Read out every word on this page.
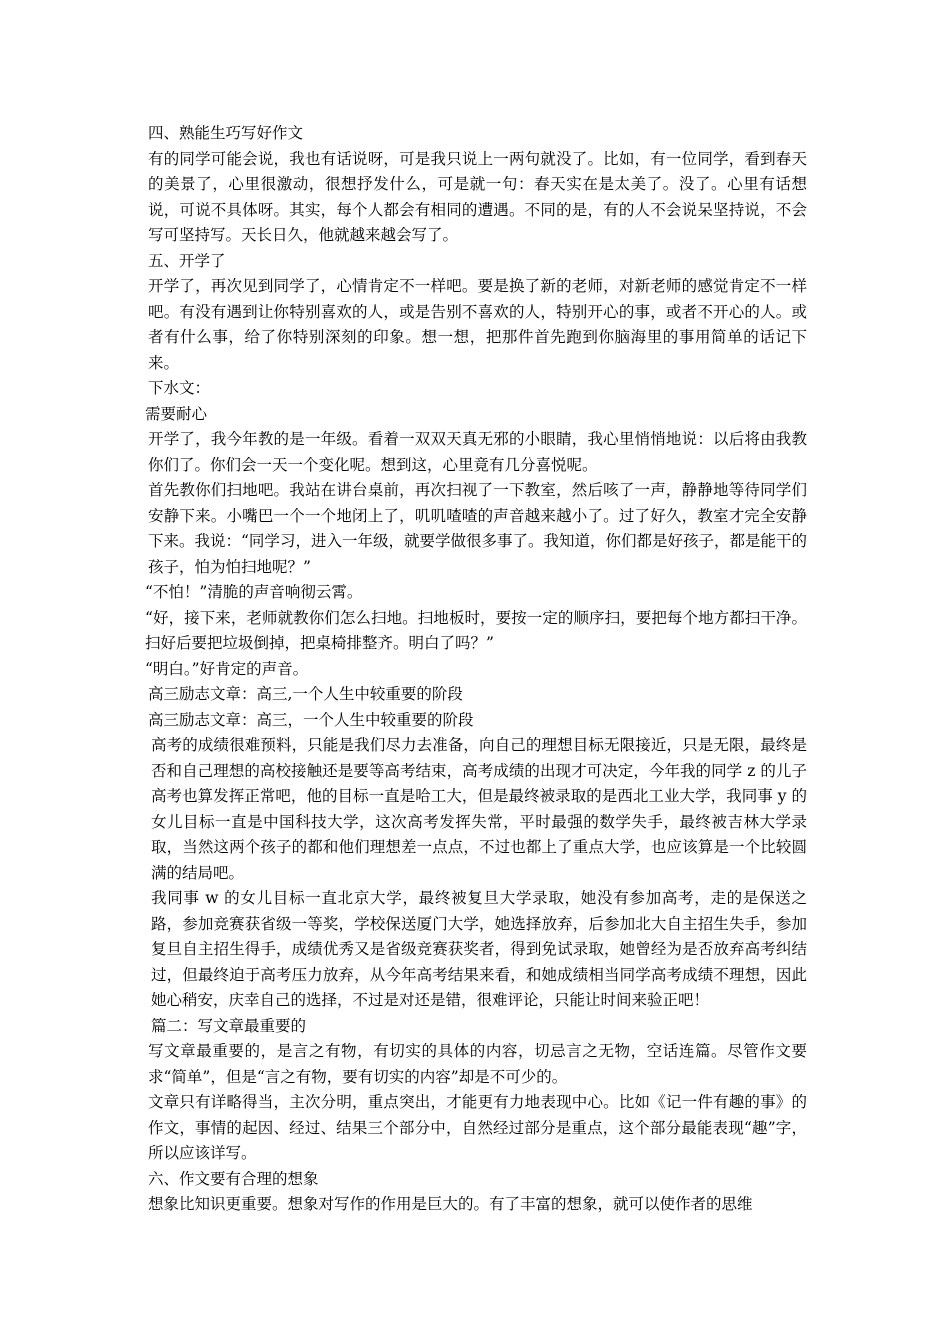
四、熟能生巧写好作文

有的同学可能会说，我也有话说呀，可是我只说上一两句就没了。比如，有一位同学，看到春天的美景了，心里很激动，很想抒发什么，可是就一句：春天实在是太美了。没了。心里有话想说，可说不具体呀。其实，每个人都会有相同的遭遇。不同的是，有的人不会说呆坚持说，不会写可坚持写。天长日久，他就越来越会写了。

五、开学了

开学了，再次见到同学了，心情肯定不一样吧。要是换了新的老师，对新老师的感觉肯定不一样吧。有没有遇到让你特别喜欢的人，或是告别不喜欢的人，特别开心的事，或者不开心的人。或者有什么事，给了你特别深刻的印象。想一想，把那件首先跑到你脑海里的事用简单的话记下来。

下水文：

需要耐心

开学了，我今年教的是一年级。看着一双双天真无邪的小眼睛，我心里悄悄地说：以后将由我教你们了。你们会一天一个变化呢。想到这，心里竟有几分喜悦呢。

首先教你们扫地吧。我站在讲台桌前，再次扫视了一下教室，然后咳了一声，静静地等待同学们安静下来。小嘴巴一个一个地闭上了，叽叽喳喳的声音越来越小了。过了好久，教室才完全安静下来。我说：“同学习，进入一年级，就要学做很多事了。我知道，你们都是好孩子，都是能干的孩子，怕为怕扫地呢？”

“不怕！”清脆的声音响彻云霄。

“好，接下来，老师就教你们怎么扫地。扫地板时，要按一定的顺序扫，要把每个地方都扫干净。扫好后要把垃圾倒掉，把桌椅排整齐。明白了吗？”

“明白。”好肯定的声音。

高三励志文章：高三,一个人生中较重要的阶段

高三励志文章：高三，一个人生中较重要的阶段

高考的成绩很难预料，只能是我们尽力去准备，向自己的理想目标无限接近，只是无限，最终是否和自己理想的高校接触还是要等高考结束，高考成绩的出现才可决定，今年我的同学 z 的儿子高考也算发挥正常吧，他的目标一直是哈工大，但是最终被录取的是西北工业大学，我同事 y 的女儿目标一直是中国科技大学，这次高考发挥失常，平时最强的数学失手，最终被吉林大学录取，当然这两个孩子的都和他们理想差一点点，不过也都上了重点大学，也应该算是一个比较圆满的结局吧。

我同事 w 的女儿目标一直北京大学，最终被复旦大学录取，她没有参加高考，走的是保送之路，参加竞赛获省级一等奖，学校保送厦门大学，她选择放弃，后参加北大自主招生失手，参加复旦自主招生得手，成绩优秀又是省级竞赛获奖者，得到免试录取，她曾经为是否放弃高考纠结过，但最终迫于高考压力放弃，从今年高考结果来看，和她成绩相当同学高考成绩不理想，因此她心稍安，庆幸自己的选择，不过是对还是错，很难评论，只能让时间来验正吧！

篇二：写文章最重要的

写文章最重要的，是言之有物，有切实的具体的内容，切忌言之无物，空话连篇。尽管作文要求“简单”，但是“言之有物，要有切实的内容”却是不可少的。

文章只有详略得当，主次分明，重点突出，才能更有力地表现中心。比如《记一件有趣的事》的作文，事情的起因、经过、结果三个部分中，自然经过部分是重点，这个部分最能表现“趣”字，所以应该详写。

六、作文要有合理的想象

想象比知识更重要。想象对写作的作用是巨大的。有了丰富的想象，就可以使作者的思维
